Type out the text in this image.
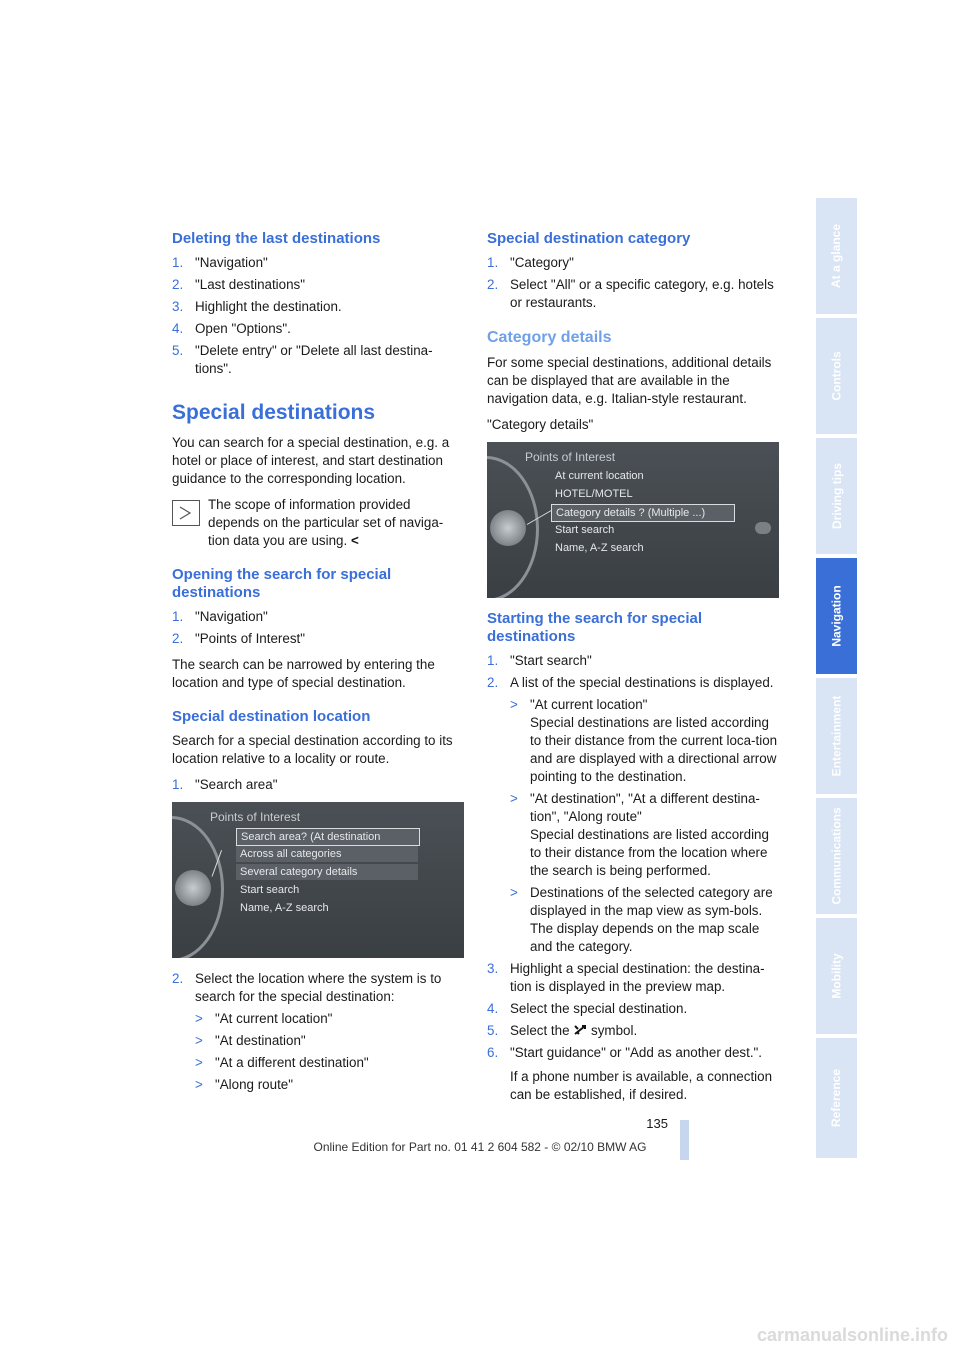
Deleting the last destinations
1. "Navigation"
2. "Last destinations"
3. Highlight the destination.
4. Open "Options".
5. "Delete entry" or "Delete all last destina-tions".
Special destinations

You can search for a special destination, e.g. a hotel or place of interest, and start destination guidance to the corresponding location.

The scope of information provided depends on the particular set of naviga-tion data you are using. <
Opening the search for special destinations
1. "Navigation"
2. "Points of Interest"

The search can be narrowed by entering the location and type of special destination.

Special destination location

Search for a special destination according to its location relative to a locality or route.

1. "Search area"
Points of Interest
Search area? (At destination
Across all categories
Several category details
Start search
Name, A-Z search
2. Select the location where the system is to search for the special destination:
> "At current location"
> "At destination"
> "At a different destination"
> "Along route"
Special destination category
1. "Category"
2. Select "All" or a specific category, e.g. hotels or restaurants.
Category details

For some special destinations, additional details can be displayed that are available in the navigation data, e.g. Italian-style restaurant.

"Category details"

Points of Interest
At current location
HOTEL/MOTEL
Category details ? (Multiple ...)
Start search
Name, A-Z search
Starting the search for special destinations
1. "Start search"
2. A list of the special destinations is displayed.
> "At current location"
Special destinations are listed according to their distance from the current loca-tion and are displayed with a directional arrow pointing to the destination.
> "At destination", "At a different destina-tion", "Along route"
Special destinations are listed according to their distance from the location where the search is being performed.
> Destinations of the selected category are displayed in the map view as sym-bols. The display depends on the map scale and the category.
3. Highlight a special destination: the destina-tion is displayed in the preview map.
4. Select the special destination.
5. Select the symbol.
6. "Start guidance" or "Add as another dest.".

If a phone number is available, a connection can be established, if desired.

At a glance
Controls
Driving tips
Navigation
Entertainment
Communications
Mobility
Reference
135
Online Edition for Part no. 01 41 2 604 582 - © 02/10 BMW AG
carmanualsonline.info
